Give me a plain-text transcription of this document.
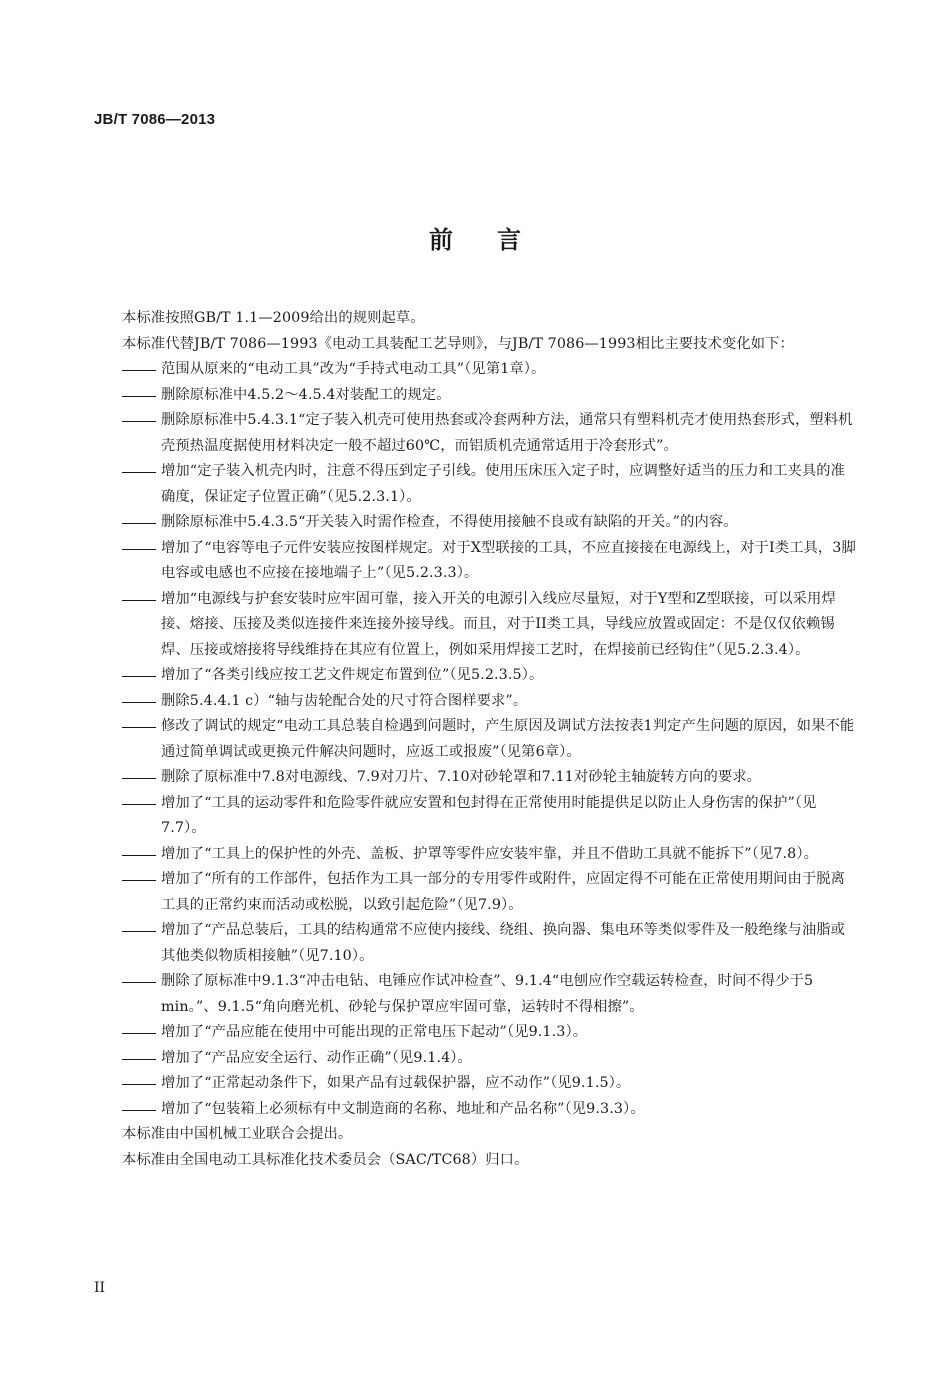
JB/T 7086—2013
前言

本标准按照GB/T 1.1—2009给出的规则起草。

本标准代替JB/T 7086—1993《电动工具装配工艺导则》，与JB/T 7086—1993相比主要技术变化如下：

范围从原来的“电动工具”改为“手持式电动工具”（见第1章）。
删除原标准中4.5.2～4.5.4对装配工的规定。
删除原标准中5.4.3.1“定子装入机壳可使用热套或冷套两种方法，通常只有塑料机壳才使用热套形式，塑料机壳预热温度据使用材料决定一般不超过60℃，而铝质机壳通常适用于冷套形式”。
增加“定子装入机壳内时，注意不得压到定子引线。使用压床压入定子时，应调整好适当的压力和工夹具的准确度，保证定子位置正确”（见5.2.3.1）。
删除原标准中5.4.3.5“开关装入时需作检查，不得使用接触不良或有缺陷的开关。”的内容。
增加了“电容等电子元件安装应按图样规定。对于X型联接的工具，不应直接接在电源线上，对于Ⅰ类工具，3脚电容或电感也不应接在接地端子上”（见5.2.3.3）。
增加“电源线与护套安装时应牢固可靠，接入开关的电源引入线应尽量短，对于Y型和Z型联接，可以采用焊接、熔接、压接及类似连接件来连接外接导线。而且，对于II类工具，导线应放置或固定：不是仅仅依赖锡焊、压接或熔接将导线维持在其应有位置上，例如采用焊接工艺时，在焊接前已经钩住”（见5.2.3.4）。
增加了“各类引线应按工艺文件规定布置到位”（见5.2.3.5）。
删除5.4.4.1 c）“轴与齿轮配合处的尺寸符合图样要求”。
修改了调试的规定“电动工具总装自检遇到问题时，产生原因及调试方法按表1判定产生问题的原因，如果不能通过简单调试或更换元件解决问题时，应返工或报废”（见第6章）。
删除了原标准中7.8对电源线、7.9对刀片、7.10对砂轮罩和7.11对砂轮主轴旋转方向的要求。
增加了“工具的运动零件和危险零件就应安置和包封得在正常使用时能提供足以防止人身伤害的保护”（见7.7）。
增加了“工具上的保护性的外壳、盖板、护罩等零件应安装牢靠，并且不借助工具就不能拆下”（见7.8）。
增加了“所有的工作部件，包括作为工具一部分的专用零件或附件，应固定得不可能在正常使用期间由于脱离工具的正常约束而活动或松脱，以致引起危险”（见7.9）。
增加了“产品总装后，工具的结构通常不应使内接线、绕组、换向器、集电环等类似零件及一般绝缘与油脂或其他类似物质相接触”（见7.10）。
删除了原标准中9.1.3“冲击电钻、电锤应作试冲检查”、9.1.4“电刨应作空载运转检查，时间不得少于5 min。”、9.1.5“角向磨光机、砂轮与保护罩应牢固可靠，运转时不得相擦”。
增加了“产品应能在使用中可能出现的正常电压下起动”（见9.1.3）。
增加了“产品应安全运行、动作正确”（见9.1.4）。
增加了“正常起动条件下，如果产品有过载保护器，应不动作”（见9.1.5）。
增加了“包装箱上必须标有中文制造商的名称、地址和产品名称”（见9.3.3）。

本标准由中国机械工业联合会提出。

本标准由全国电动工具标准化技术委员会（SAC/TC68）归口。

II
